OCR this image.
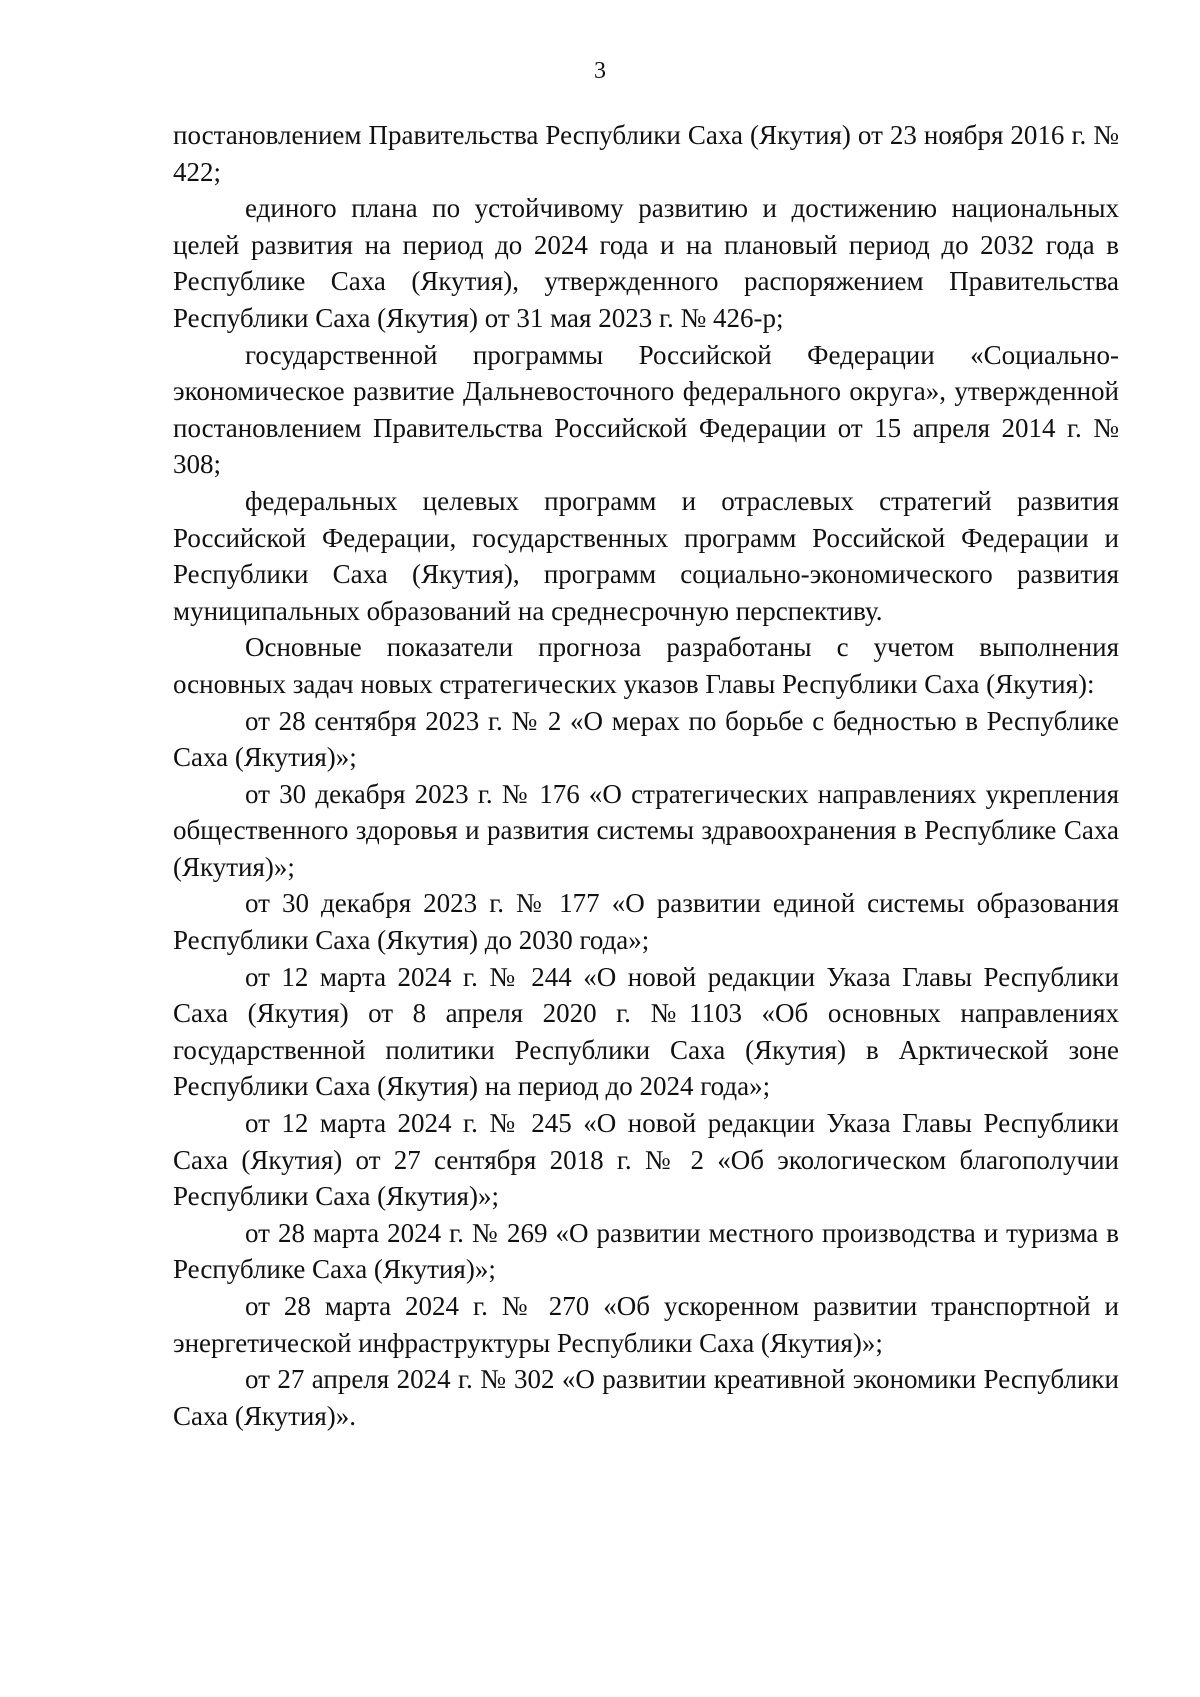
3

постановлением Правительства Республики Саха (Якутия) от 23 ноября 2016 г. № 422;

единого плана по устойчивому развитию и достижению национальных целей развития на период до 2024 года и на плановый период до 2032 года в Республике Саха (Якутия), утвержденного распоряжением Правительства Республики Саха (Якутия) от 31 мая 2023 г. № 426-р;

государственной программы Российской Федерации «Социально-экономическое развитие Дальневосточного федерального округа», утвержденной постановлением Правительства Российской Федерации от 15 апреля 2014 г. № 308;

федеральных целевых программ и отраслевых стратегий развития Российской Федерации, государственных программ Российской Федерации и Республики Саха (Якутия), программ социально-экономического развития муниципальных образований на среднесрочную перспективу.

Основные показатели прогноза разработаны с учетом выполнения основных задач новых стратегических указов Главы Республики Саха (Якутия):

от 28 сентября 2023 г. № 2 «О мерах по борьбе с бедностью в Республике Саха (Якутия)»;

от 30 декабря 2023 г. № 176 «О стратегических направлениях укрепления общественного здоровья и развития системы здравоохранения в Республике Саха (Якутия)»;

от 30 декабря 2023 г. № 177 «О развитии единой системы образования Республики Саха (Якутия) до 2030 года»;

от 12 марта 2024 г. № 244 «О новой редакции Указа Главы Республики Саха (Якутия) от 8 апреля 2020 г. №1103 «Об основных направлениях государственной политики Республики Саха (Якутия) в Арктической зоне Республики Саха (Якутия) на период до 2024 года»;

от 12 марта 2024 г. № 245 «О новой редакции Указа Главы Республики Саха (Якутия) от 27 сентября 2018 г. № 2 «Об экологическом благополучии Республики Саха (Якутия)»;

от 28 марта 2024 г. № 269 «О развитии местного производства и туризма в Республике Саха (Якутия)»;

от 28 марта 2024 г. № 270 «Об ускоренном развитии транспортной и энергетической инфраструктуры Республики Саха (Якутия)»;

от 27 апреля 2024 г. № 302 «О развитии креативной экономики Республики Саха (Якутия)».
